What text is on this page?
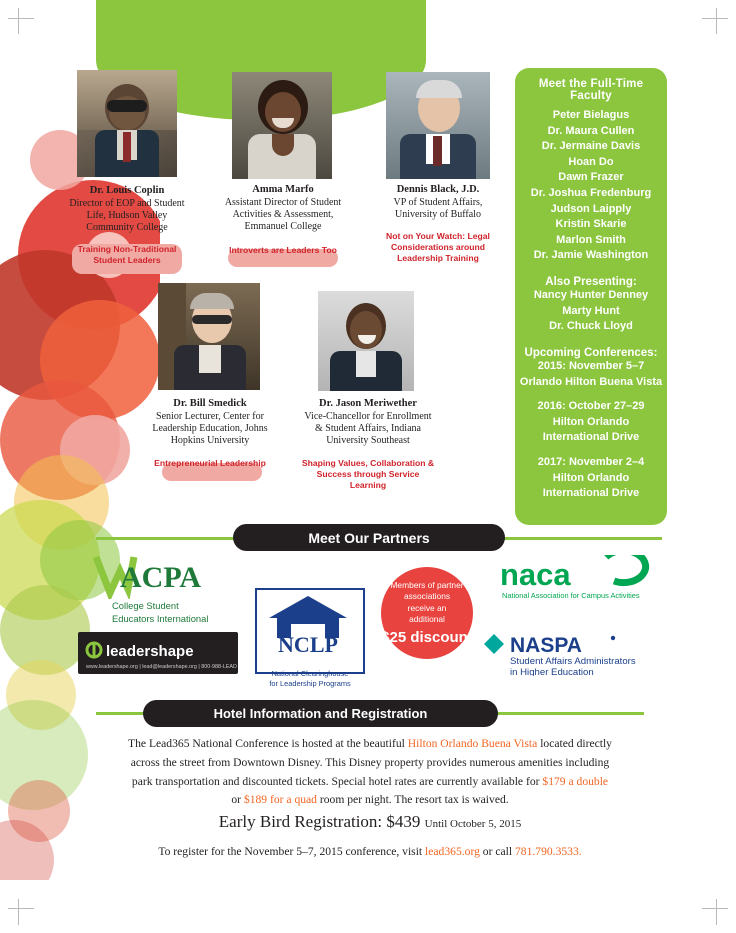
Dr. Louis Coplin
Director of EOP and Student Life, Hudson Valley Community College
Training Non-Traditional Student Leaders
Amma Marfo
Assistant Director of Student Activities & Assessment, Emmanuel College
Introverts are Leaders Too
Dennis Black, J.D.
VP of Student Affairs, University of Buffalo
Not on Your Watch: Legal Considerations around Leadership Training
Dr. Bill Smedick
Senior Lecturer, Center for Leadership Education, Johns Hopkins University
Entrepreneurial Leadership
Dr. Jason Meriwether
Vice-Chancellor for Enrollment & Student Affairs, Indiana University Southeast
Shaping Values, Collaboration & Success through Service Learning
Meet the Full-Time Faculty
Peter Bielagus
Dr. Maura Cullen
Dr. Jermaine Davis
Hoan Do
Dawn Frazer
Dr. Joshua Fredenburg
Judson Laipply
Kristin Skarie
Marlon Smith
Dr. Jamie Washington
Also Presenting:
Nancy Hunter Denney
Marty Hunt
Dr. Chuck Lloyd
Upcoming Conferences:
2015: November 5–7
Orlando Hilton Buena Vista
2016: October 27–29
Hilton Orlando
International Drive
2017: November 2–4
Hilton Orlando
International Drive
Meet Our Partners
ACPA
College Student
Educators International
naca
National Association for Campus Activities
NCLP
National Clearinghouse
for Leadership Programs
NASPA
Student Affairs Administrators
in Higher Education
leadershape
www.leadershape.org | lead@leadershape.org | 800-988-LEAD
Members of partner associations receive an additional
$25 discount
Hotel Information and Registration
The Lead365 National Conference is hosted at the beautiful Hilton Orlando Buena Vista located directly
across the street from Downtown Disney. This Disney property provides numerous amenities including
park transportation and discounted tickets. Special hotel rates are currently available for $179 a double
or $189 for a quad room per night. The resort tax is waived.
Early Bird Registration: $439 Until October 5, 2015
To register for the November 5–7, 2015 conference, visit lead365.org or call 781.790.3533.
